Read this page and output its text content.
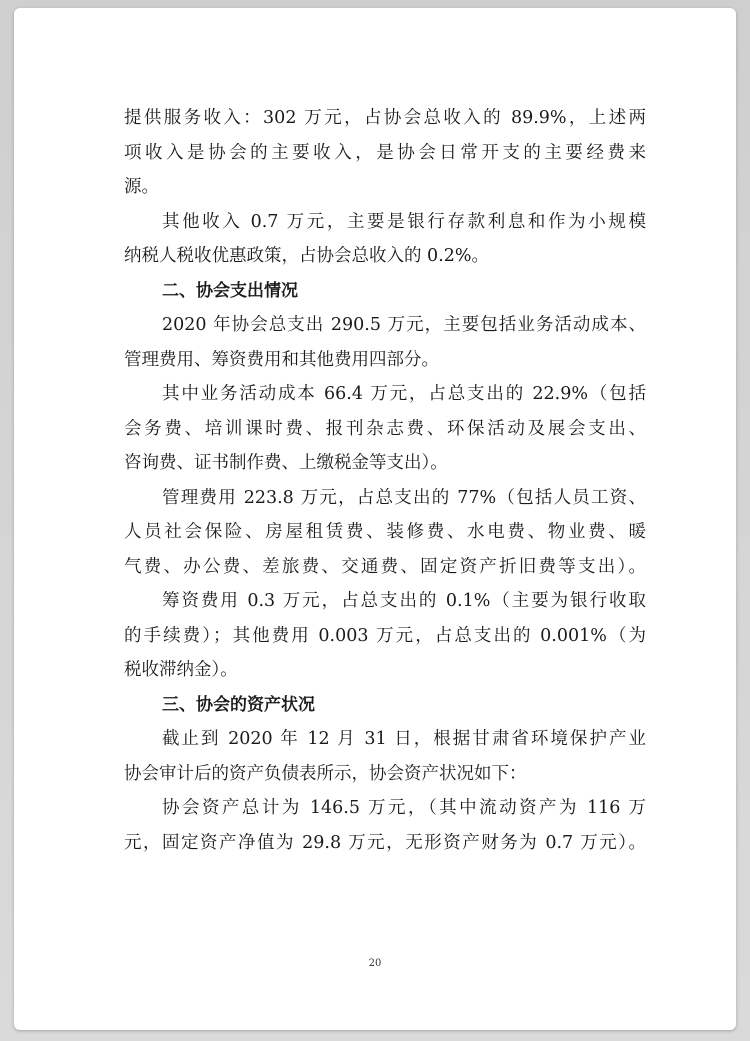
提供服务收入：302 万元，占协会总收入的 89.9%，上述两
项收入是协会的主要收入，是协会日常开支的主要经费来
源。
其他收入 0.7 万元，主要是银行存款利息和作为小规模
纳税人税收优惠政策，占协会总收入的 0.2%。
二、协会支出情况
2020 年协会总支出 290.5 万元，主要包括业务活动成本、
管理费用、筹资费用和其他费用四部分。
其中业务活动成本 66.4 万元，占总支出的 22.9%（包括
会务费、培训课时费、报刊杂志费、环保活动及展会支出、
咨询费、证书制作费、上缴税金等支出）。
管理费用 223.8 万元，占总支出的 77%（包括人员工资、
人员社会保险、房屋租赁费、装修费、水电费、物业费、暖
气费、办公费、差旅费、交通费、固定资产折旧费等支出）。
筹资费用 0.3 万元，占总支出的 0.1%（主要为银行收取
的手续费）；其他费用 0.003 万元，占总支出的 0.001%（为
税收滞纳金）。
三、协会的资产状况
截止到 2020 年 12 月 31 日，根据甘肃省环境保护产业
协会审计后的资产负债表所示，协会资产状况如下：
协会资产总计为 146.5 万元，（其中流动资产为 116 万
元，固定资产净值为 29.8 万元，无形资产财务为 0.7 万元）。
20
